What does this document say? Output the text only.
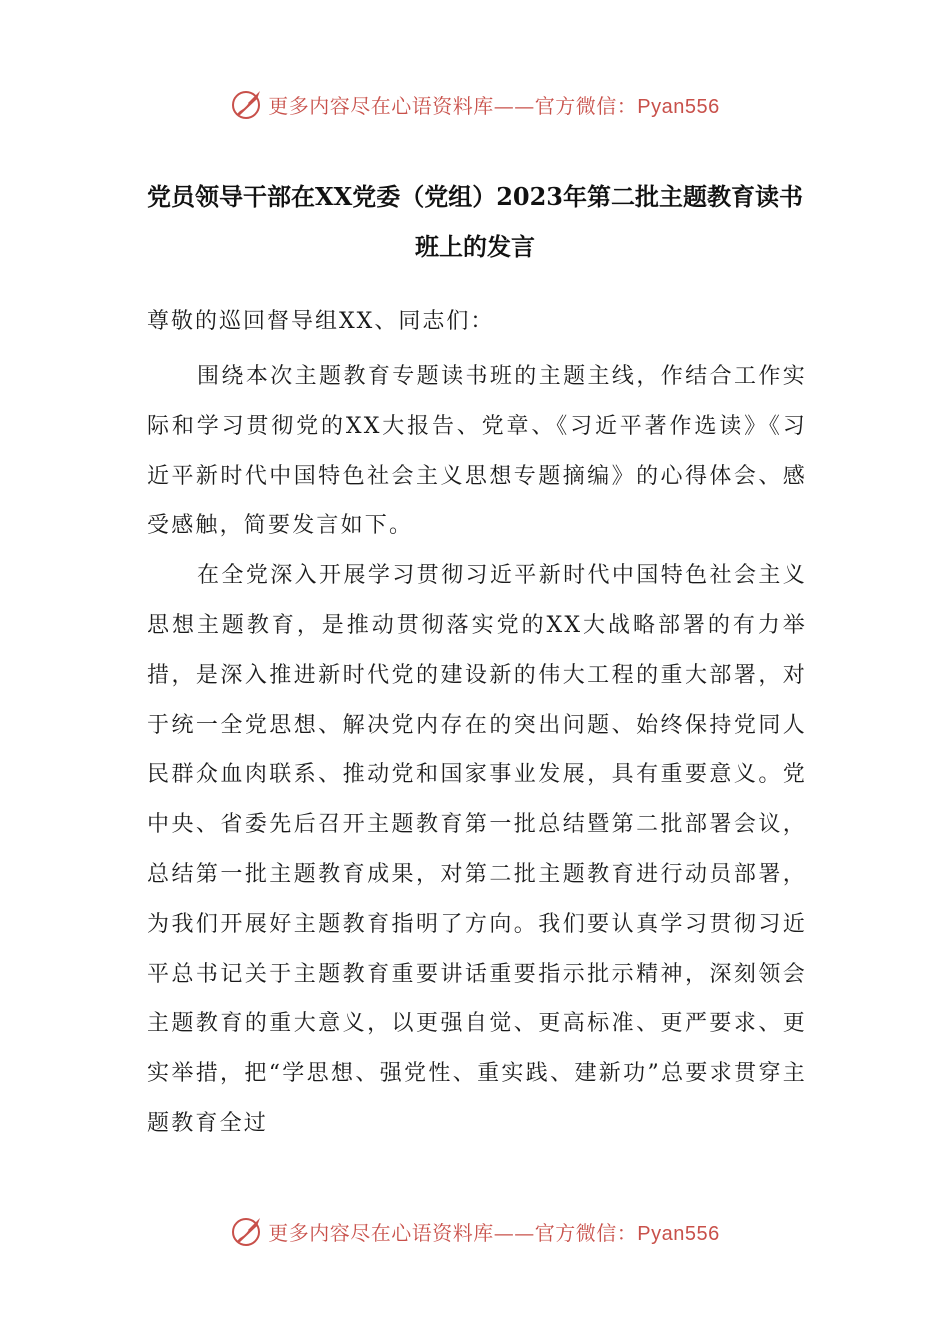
更多内容尽在心语资料库——官方微信：Pyan556
党员领导干部在XX党委（党组）2023年第二批主题教育读书班上的发言
尊敬的巡回督导组XX、同志们：

围绕本次主题教育专题读书班的主题主线，作结合工作实际和学习贯彻党的XX大报告、党章、《习近平著作选读》《习近平新时代中国特色社会主义思想专题摘编》的心得体会、感受感触，简要发言如下。

在全党深入开展学习贯彻习近平新时代中国特色社会主义思想主题教育，是推动贯彻落实党的XX大战略部署的有力举措，是深入推进新时代党的建设新的伟大工程的重大部署，对于统一全党思想、解决党内存在的突出问题、始终保持党同人民群众血肉联系、推动党和国家事业发展，具有重要意义。党中央、省委先后召开主题教育第一批总结暨第二批部署会议，总结第一批主题教育成果，对第二批主题教育进行动员部署，为我们开展好主题教育指明了方向。我们要认真学习贯彻习近平总书记关于主题教育重要讲话重要指示批示精神，深刻领会主题教育的重大意义，以更强自觉、更高标准、更严要求、更实举措，把“学思想、强党性、重实践、建新功”总要求贯穿主题教育全过

更多内容尽在心语资料库——官方微信：Pyan556
